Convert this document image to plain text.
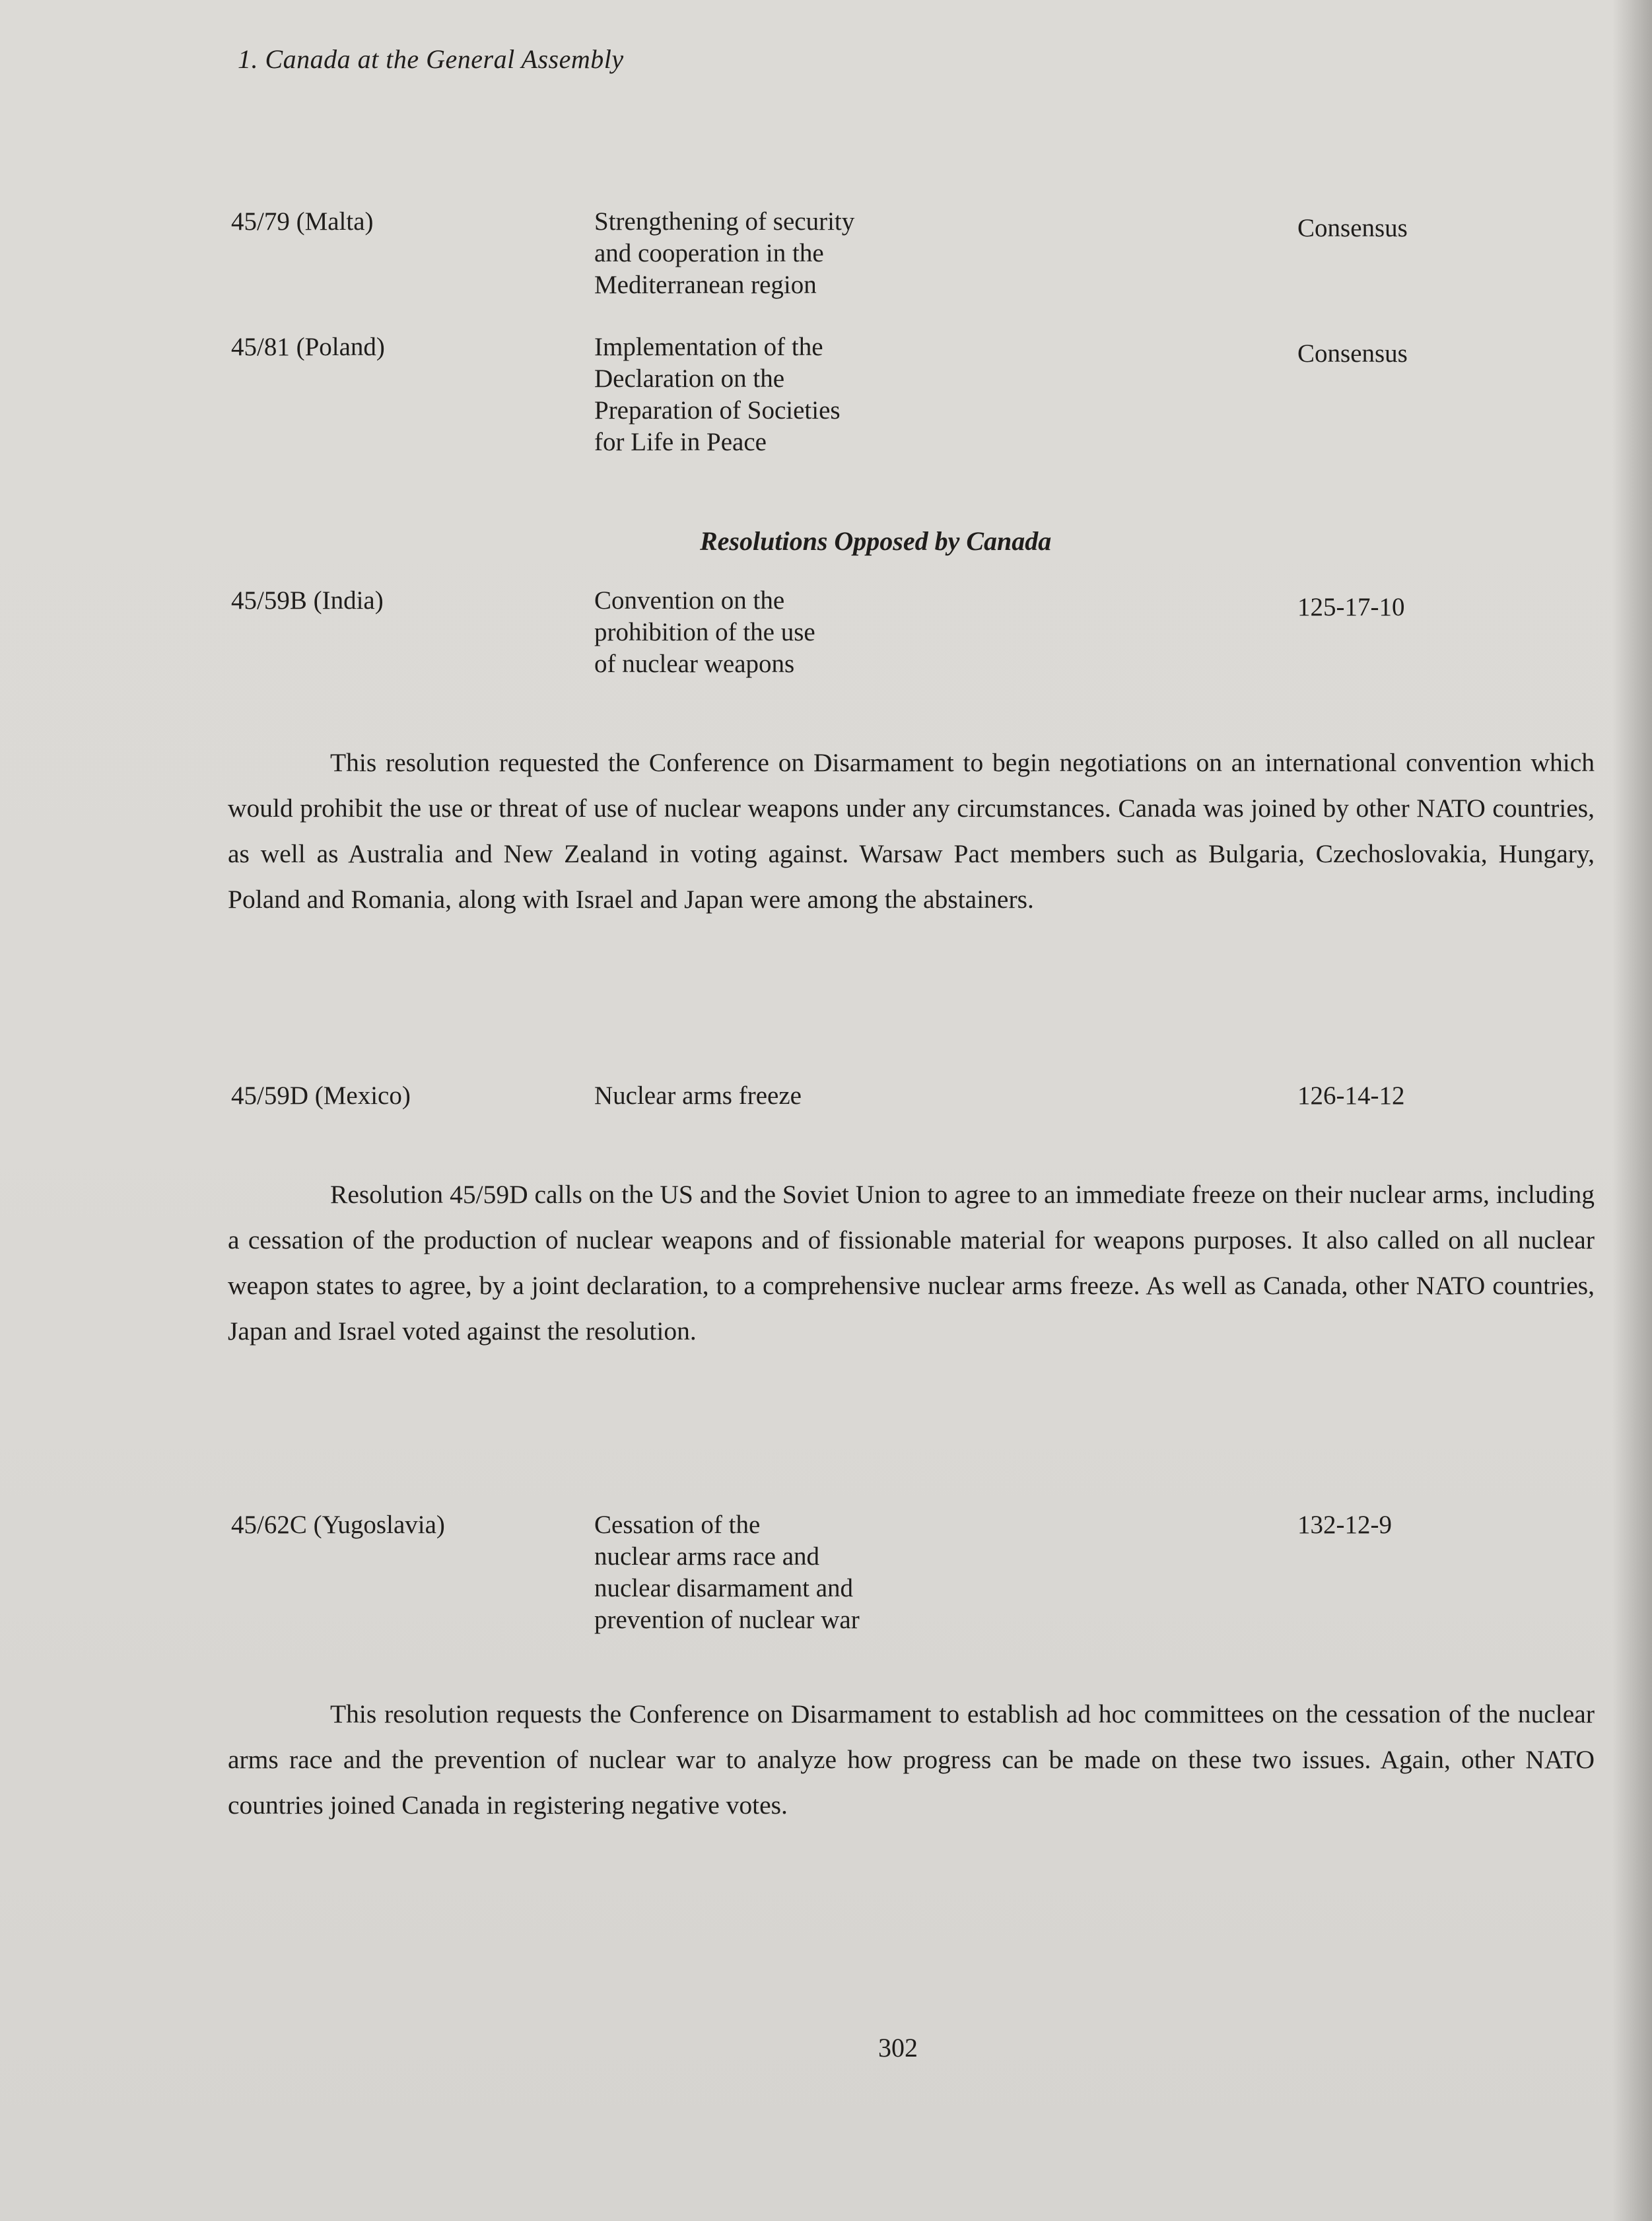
1. Canada at the General Assembly
45/79 (Malta)	Strengthening of security
and cooperation in the
Mediterranean region
Consensus
45/81 (Poland)	Implementation of the
Declaration on the
Preparation of Societies
for Life in Peace
Consensus
Resolutions Opposed by Canada
45/59B (India)	Convention on the
prohibition of the use
of nuclear weapons
125-17-10

This resolution requested the Conference on Disarmament to begin negotiations on an international convention which would prohibit the use or threat of use of nuclear weapons under any circumstances. Canada was joined by other NATO countries, as well as Australia and New Zealand in voting against. Warsaw Pact members such as Bulgaria, Czechoslovakia, Hungary, Poland and Romania, along with Israel and Japan were among the abstainers.

45/59D (Mexico)	Nuclear arms freeze	126-14-12

Resolution 45/59D calls on the US and the Soviet Union to agree to an immediate freeze on their nuclear arms, including a cessation of the production of nuclear weapons and of fissionable material for weapons purposes. It also called on all nuclear weapon states to agree, by a joint declaration, to a comprehensive nuclear arms freeze. As well as Canada, other NATO countries, Japan and Israel voted against the resolution.

45/62C (Yugoslavia)	Cessation of the
nuclear arms race and
nuclear disarmament and
prevention of nuclear war
132-12-9

This resolution requests the Conference on Disarmament to establish ad hoc committees on the cessation of the nuclear arms race and the prevention of nuclear war to analyze how progress can be made on these two issues. Again, other NATO countries joined Canada in registering negative votes.

302
